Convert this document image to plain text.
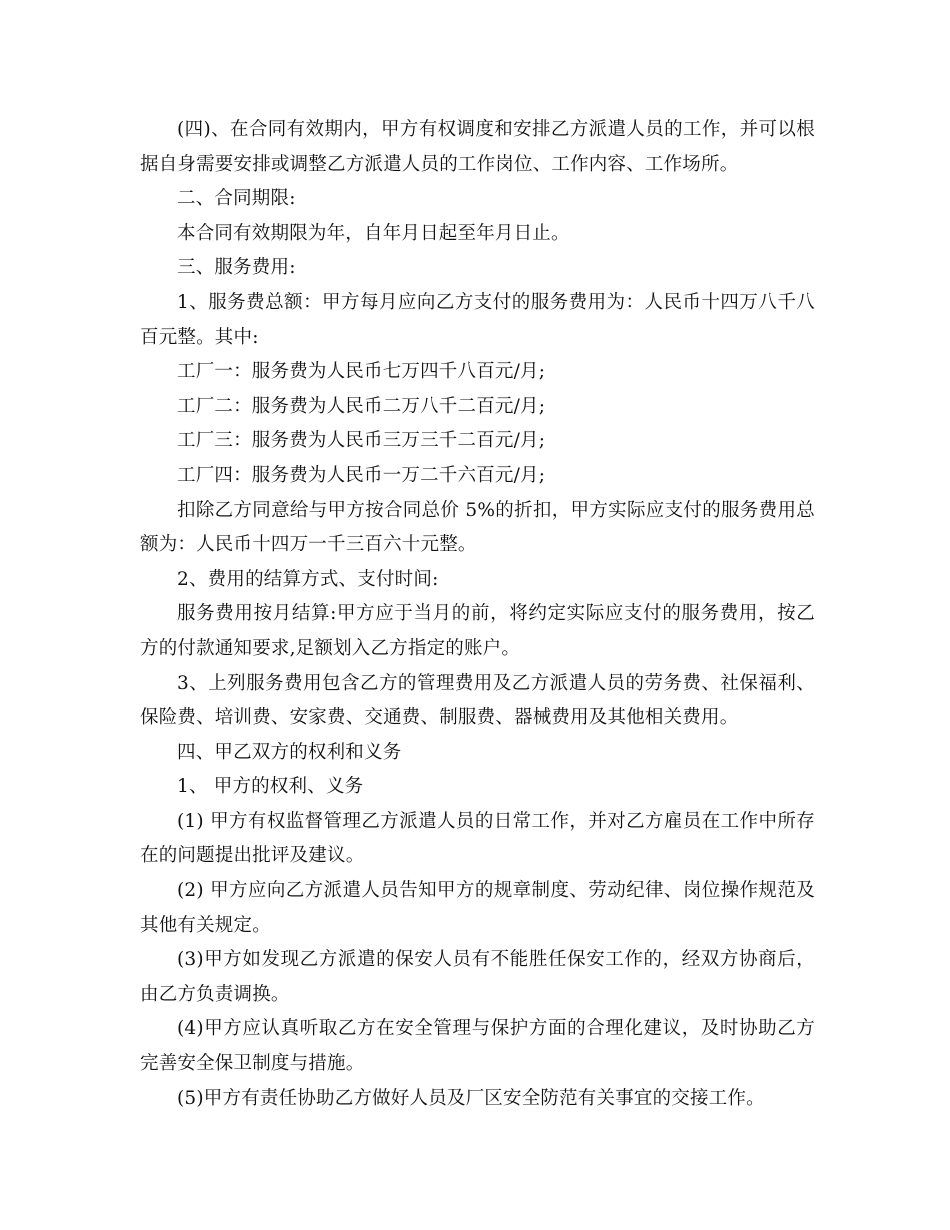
(四)、在合同有效期内，甲方有权调度和安排乙方派遣人员的工作，并可以根据自身需要安排或调整乙方派遣人员的工作岗位、工作内容、工作场所。

二、合同期限:

本合同有效期限为年，自年月日起至年月日止。

三、服务费用:

1、服务费总额：甲方每月应向乙方支付的服务费用为：人民币十四万八千八百元整。其中:

工厂一：服务费为人民币七万四千八百元/月;

工厂二：服务费为人民币二万八千二百元/月;

工厂三：服务费为人民币三万三千二百元/月;

工厂四：服务费为人民币一万二千六百元/月;

扣除乙方同意给与甲方按合同总价 5%的折扣，甲方实际应支付的服务费用总额为：人民币十四万一千三百六十元整。

2、费用的结算方式、支付时间:

服务费用按月结算:甲方应于当月的前，将约定实际应支付的服务费用，按乙方的付款通知要求,足额划入乙方指定的账户。

3、上列服务费用包含乙方的管理费用及乙方派遣人员的劳务费、社保福利、保险费、培训费、安家费、交通费、制服费、器械费用及其他相关费用。

四、甲乙双方的权利和义务

1、 甲方的权利、义务

(1) 甲方有权监督管理乙方派遣人员的日常工作，并对乙方雇员在工作中所存在的问题提出批评及建议。

(2) 甲方应向乙方派遣人员告知甲方的规章制度、劳动纪律、岗位操作规范及其他有关规定。

(3)甲方如发现乙方派遣的保安人员有不能胜任保安工作的，经双方协商后，由乙方负责调换。

(4)甲方应认真听取乙方在安全管理与保护方面的合理化建议，及时协助乙方完善安全保卫制度与措施。

(5)甲方有责任协助乙方做好人员及厂区安全防范有关事宜的交接工作。
